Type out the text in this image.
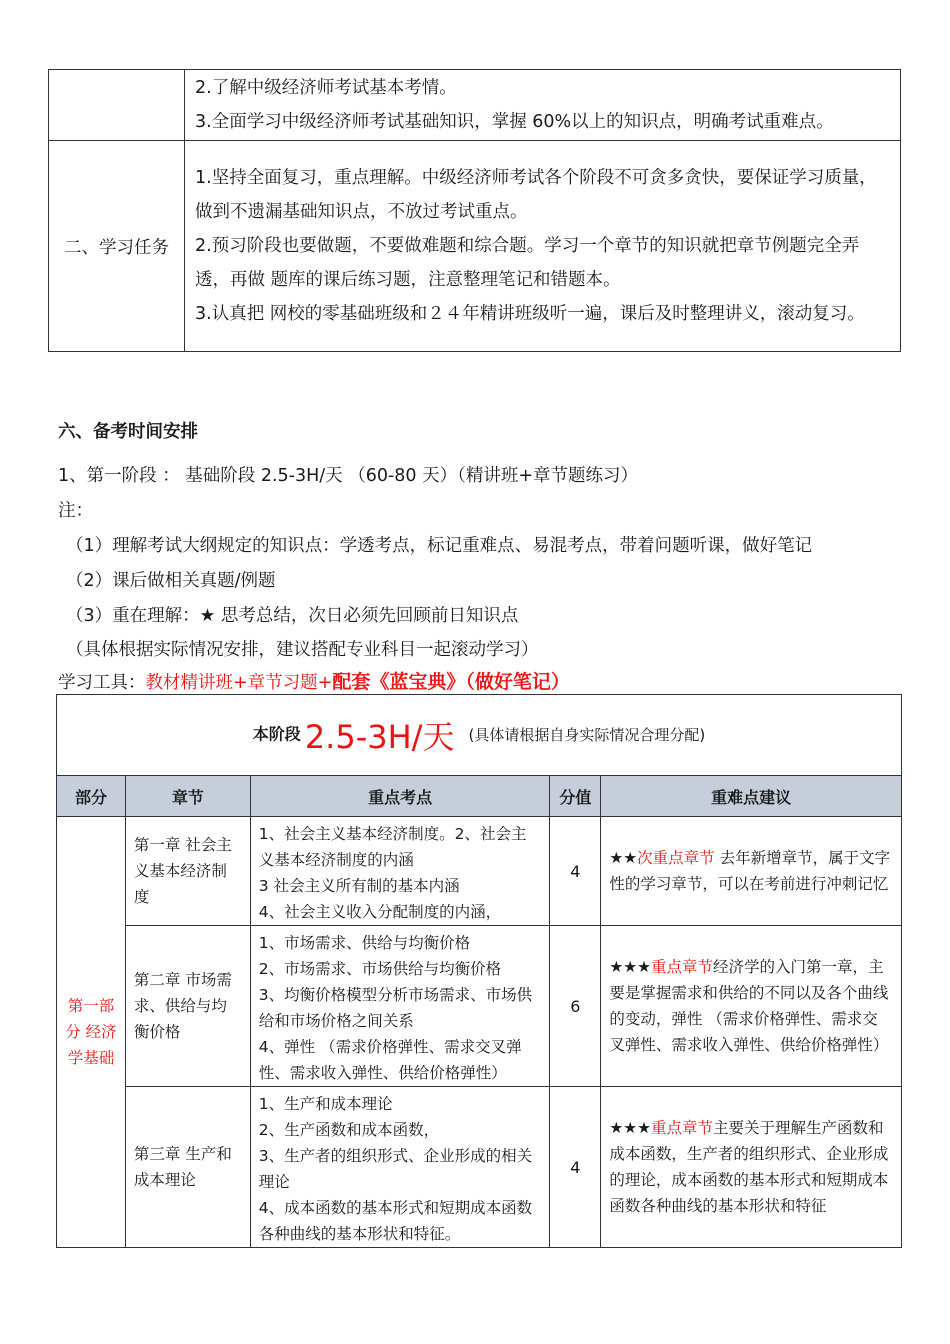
	2.了解中级经济师考试基本考情。
3.全面学习中级经济师考试基础知识，掌握 60%以上的知识点，明确考试重难点。

二、学习任务	1.坚持全面复习，重点理解。中级经济师考试各个阶段不可贪多贪快，要保证学习质量，做到不遗漏基础知识点，不放过考试重点。
2.预习阶段也要做题，不要做难题和综合题。学习一个章节的知识就把章节例题完全弄透，再做 题库的课后练习题，注意整理笔记和错题本。
3.认真把 网校的零基础班级和２４年精讲班级听一遍，课后及时整理讲义，滚动复习。
六、备考时间安排
1、第一阶段 ： 基础阶段 2.5-3H/天 （60-80 天）（精讲班+章节题练习）
注：
（1）理解考试大纲规定的知识点：学透考点，标记重难点、易混考点，带着问题听课，做好笔记
（2）课后做相关真题/例题
（3）重在理解：★ 思考总结，次日必须先回顾前日知识点
（具体根据实际情况安排，建议搭配专业科目一起滚动学习）
学习工具：教材精讲班+章节习题+配套《蓝宝典》（做好笔记）
本阶段 2.5-3H/天 (具体请根据自身实际情况合理分配)				
部分	章节	重点考点	分值	重难点建议
第一部分 经济学基础	第一章 社会主义基本经济制度	1、社会主义基本经济制度。2、社会主义基本经济制度的内涵
3 社会主义所有制的基本内涵
4、社会主义收入分配制度的内涵，	4	★★次重点章节 去年新增章节，属于文字性的学习章节，可以在考前进行冲刺记忆
	第二章 市场需求、供给与均衡价格	1、市场需求、供给与均衡价格
2、市场需求、市场供给与均衡价格
3、均衡价格模型分析市场需求、市场供给和市场价格之间关系
4、弹性 （需求价格弹性、需求交叉弹性、需求收入弹性、供给价格弹性）	6	★★★重点章节经济学的入门第一章，主要是掌握需求和供给的不同以及各个曲线的变动，弹性 （需求价格弹性、需求交叉弹性、需求收入弹性、供给价格弹性）
	第三章 生产和成本理论	1、生产和成本理论
2、生产函数和成本函数，
3、生产者的组织形式、企业形成的相关理论
4、成本函数的基本形式和短期成本函数各种曲线的基本形状和特征。	4	★★★重点章节主要关于理解生产函数和成本函数，生产者的组织形式、企业形成的理论，成本函数的基本形式和短期成本函数各种曲线的基本形状和特征
